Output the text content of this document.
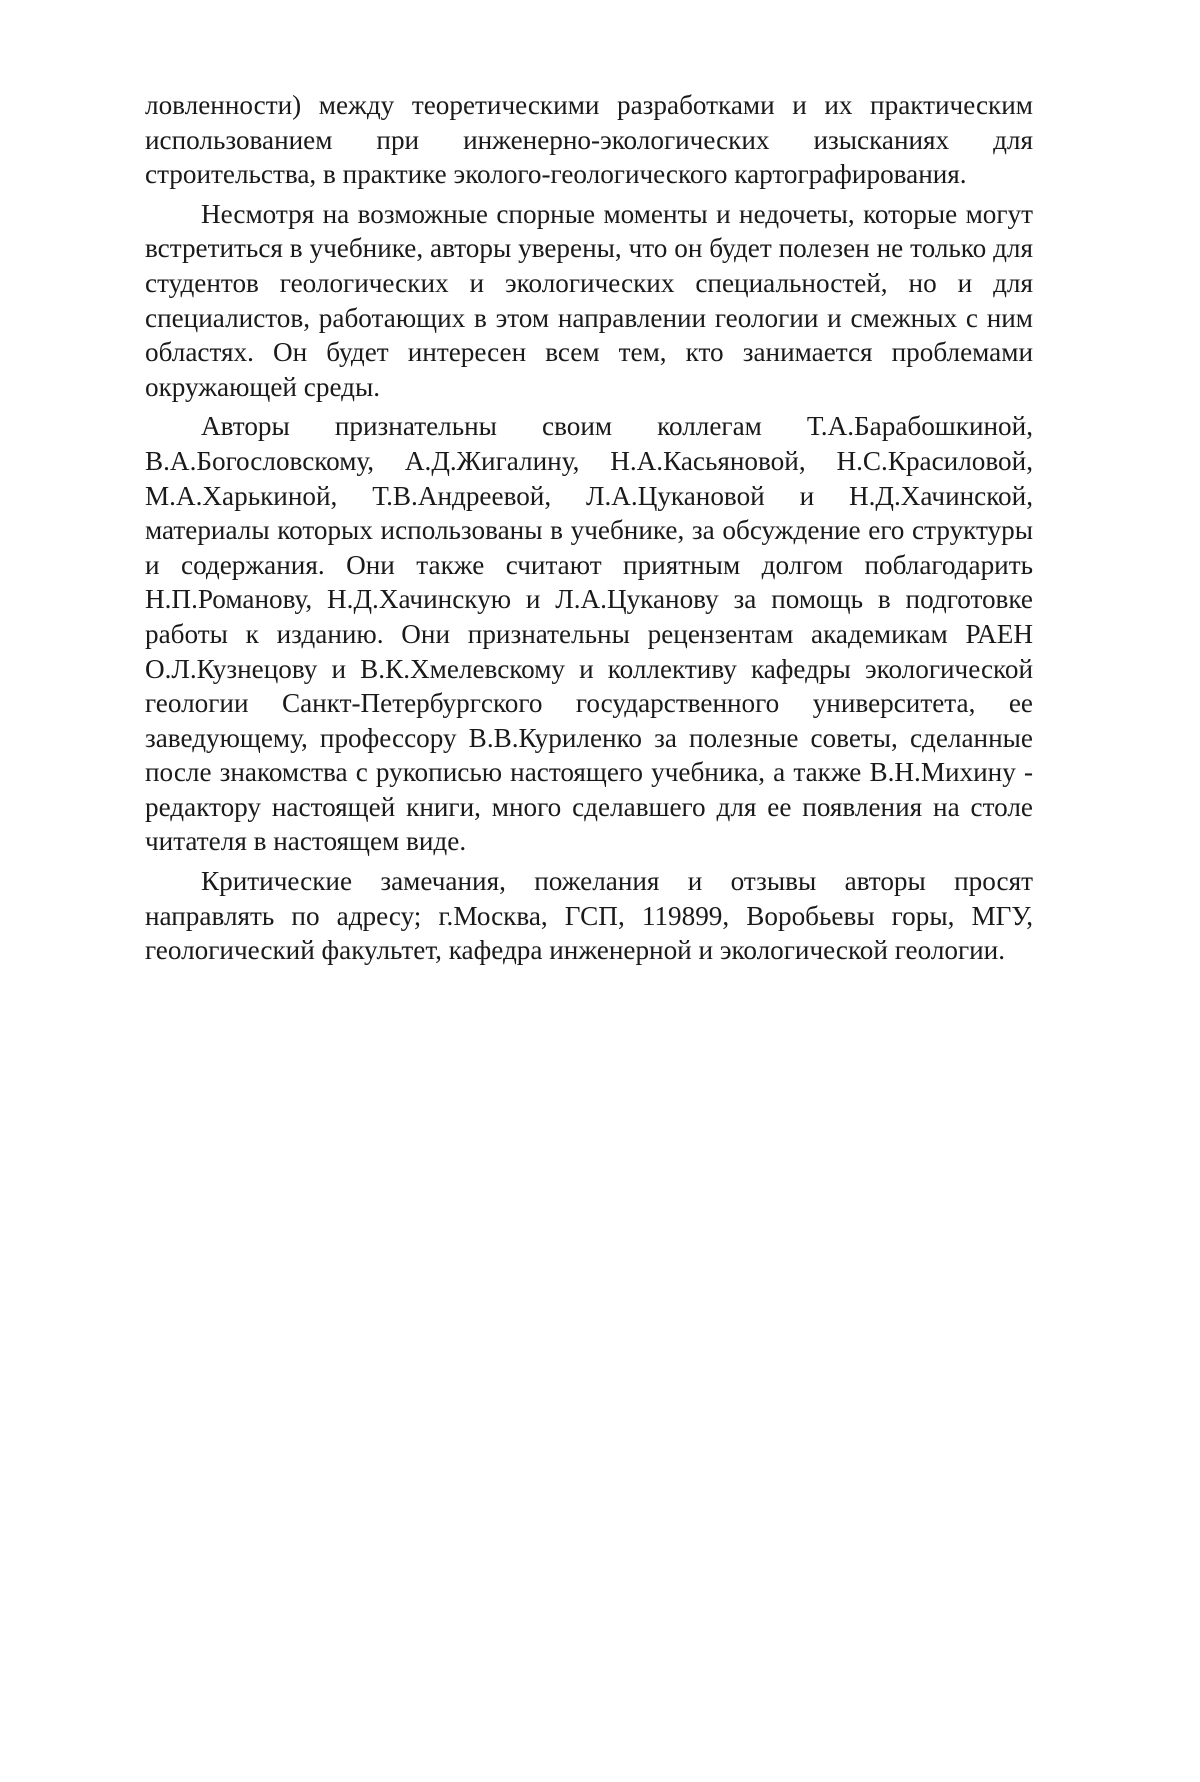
ловленности) между теоретическими разработками и их практическим использованием при инженерно-экологических изысканиях для строительства, в практике эколого-геологического картографирования.

Несмотря на возможные спорные моменты и недочеты, которые могут встретиться в учебнике, авторы уверены, что он будет полезен не только для студентов геологических и экологических специальностей, но и для специалистов, работающих в этом направлении геологии и смежных с ним областях. Он будет интересен всем тем, кто занимается проблемами окружающей среды.

Авторы признательны своим коллегам Т.А.Барабошкиной, В.А.Богословскому, А.Д.Жигалину, Н.А.Касьяновой, Н.С.Красиловой, М.А.Харькиной, Т.В.Андреевой, Л.А.Цукановой и Н.Д.Хачинской, материалы которых использованы в учебнике, за обсуждение его структуры и содержания. Они также считают приятным долгом поблагодарить Н.П.Романову, Н.Д.Хачинскую и Л.А.Цуканову за помощь в подготовке работы к изданию. Они признательны рецензентам академикам РАЕН О.Л.Кузнецову и В.К.Хмелевскому и коллективу кафедры экологической геологии Санкт-Петербургского государственного университета, ее заведующему, профессору В.В.Куриленко за полезные советы, сделанные после знакомства с рукописью настоящего учебника, а также В.Н.Михину - редактору настоящей книги, много сделавшего для ее появления на столе читателя в настоящем виде.

Критические замечания, пожелания и отзывы авторы просят направлять по адресу; г.Москва, ГСП, 119899, Воробьевы горы, МГУ, геологический факультет, кафедра инженерной и экологической геологии.
